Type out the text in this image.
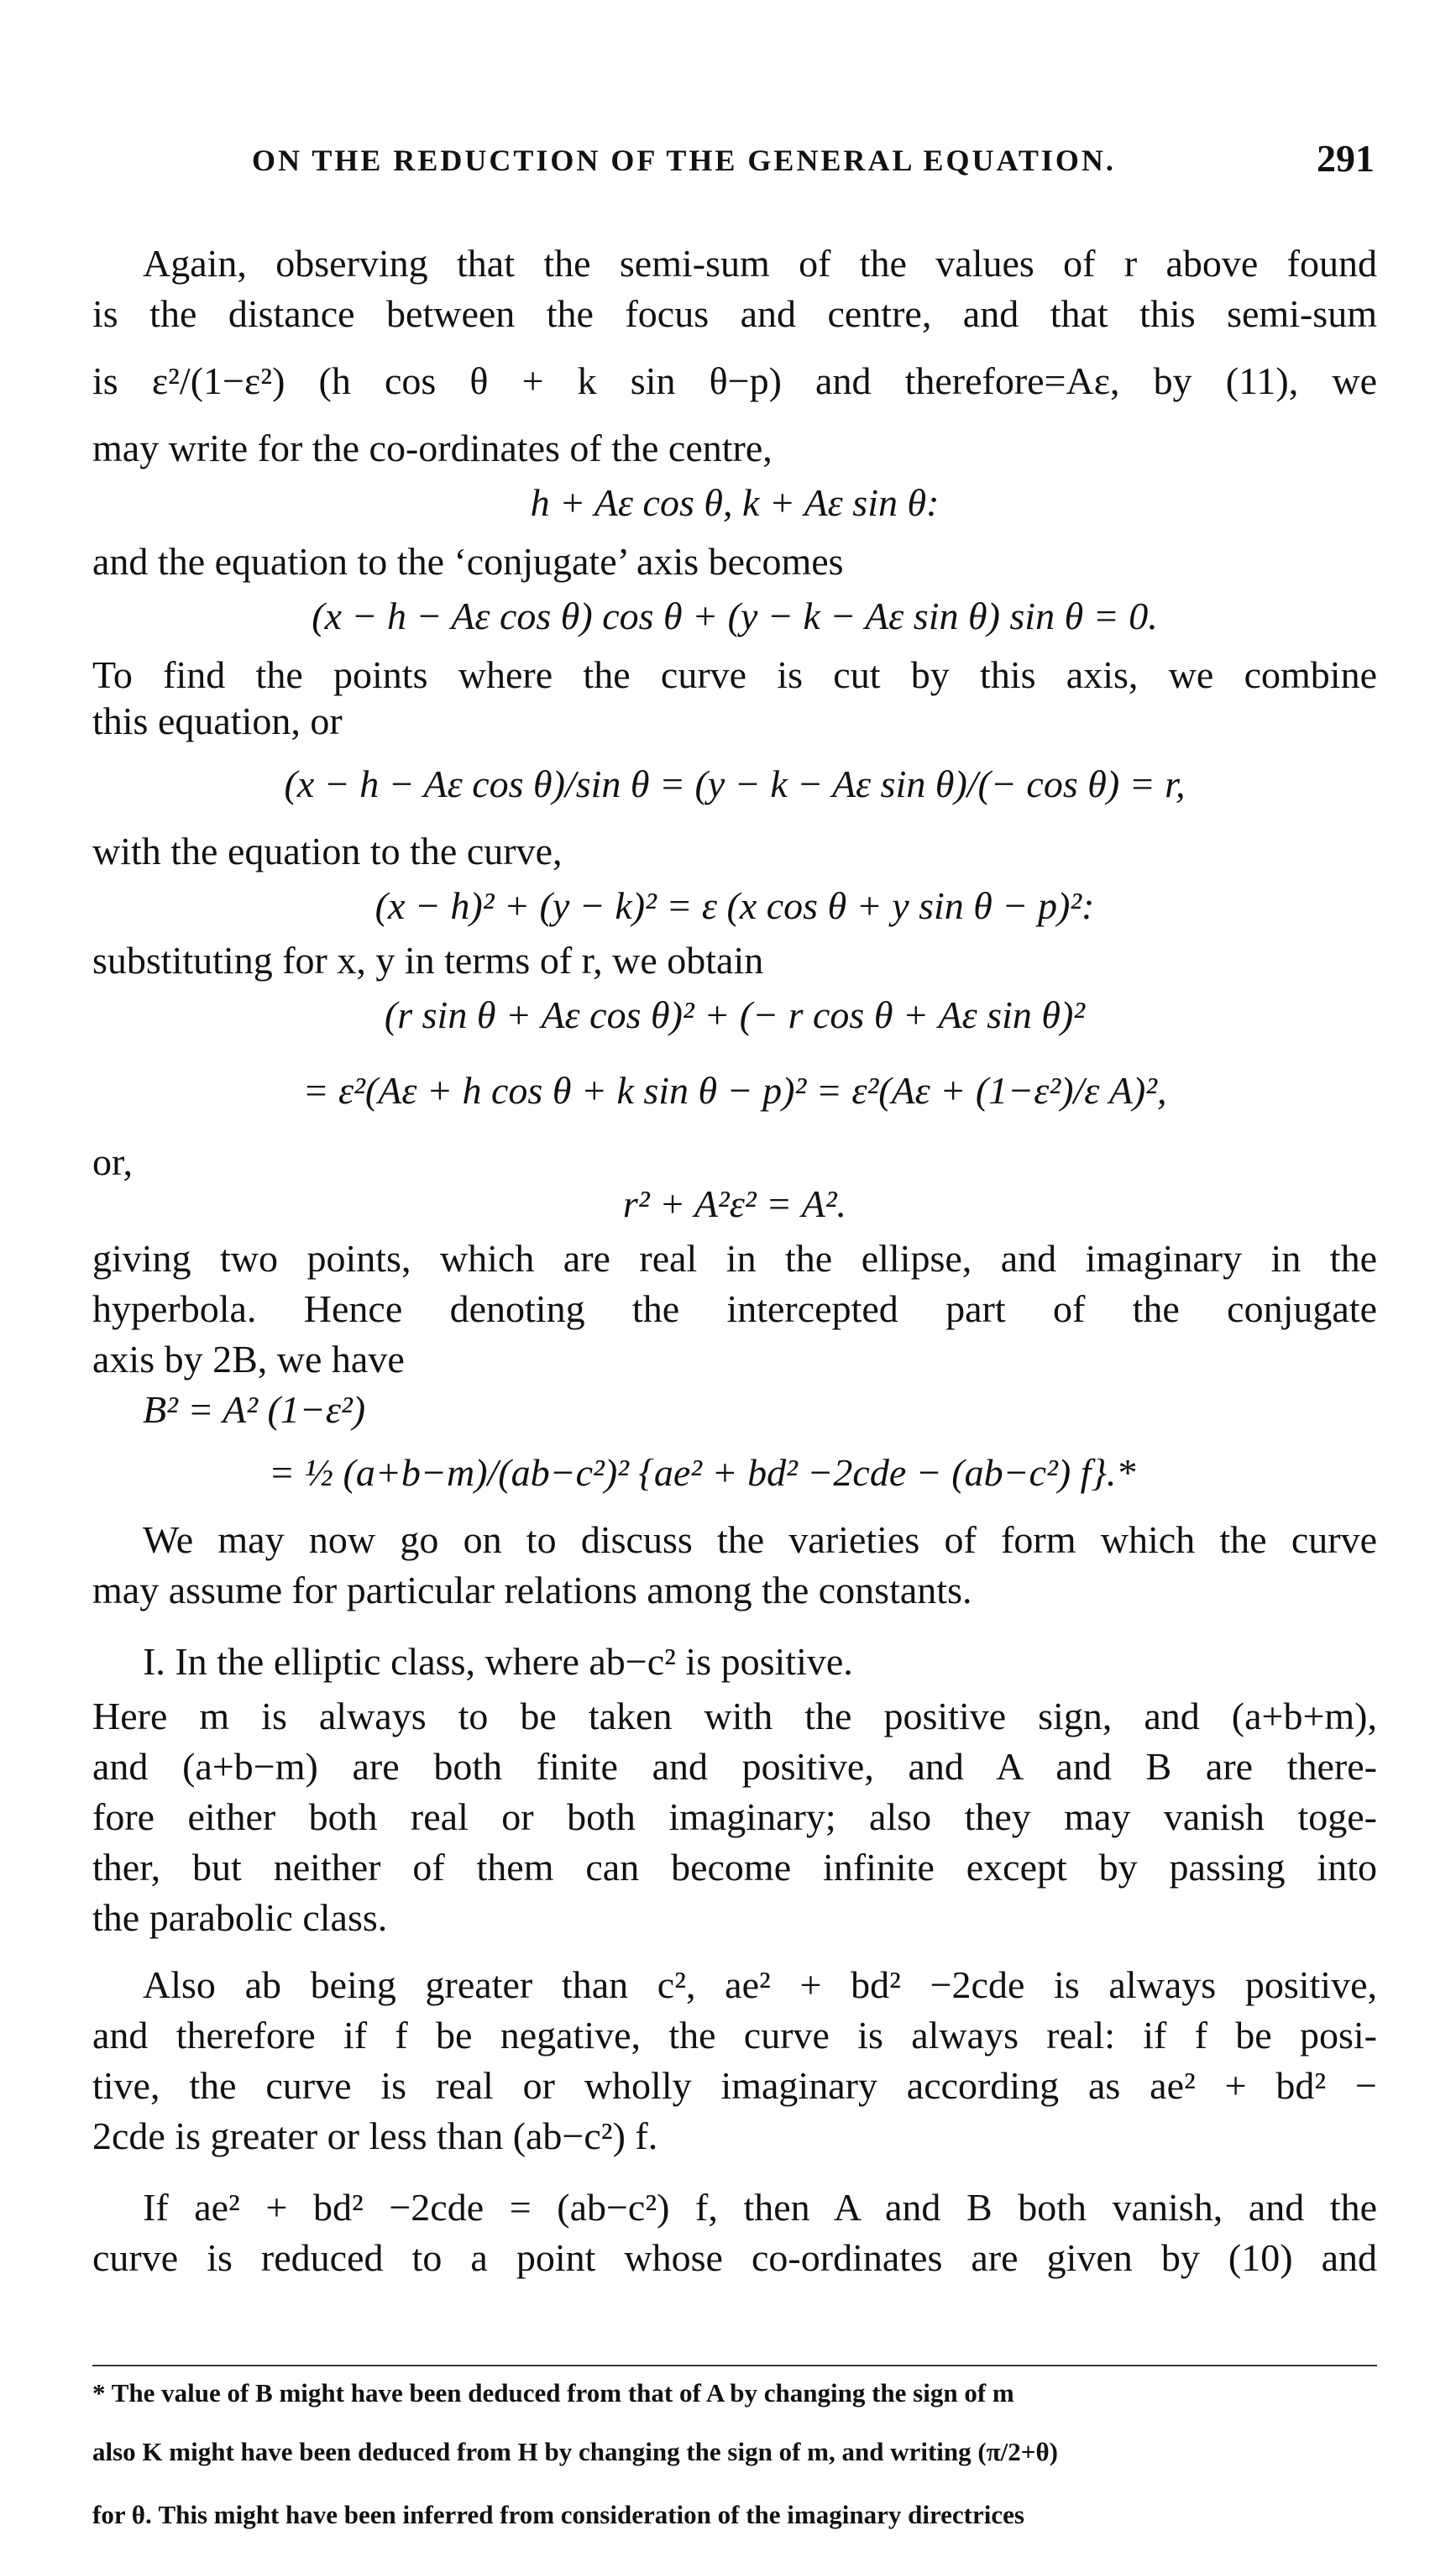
ON THE REDUCTION OF THE GENERAL EQUATION.	291
Again, observing that the semi-sum of the values of r above found
is the distance between the focus and centre, and that this semi-sum
is ε²/(1−ε²) (h cos θ + k sin θ−p) and therefore=Aε, by (11), we
may write for the co-ordinates of the centre,
h + Aε cos θ, k + Aε sin θ:
and the equation to the ‘conjugate’ axis becomes
(x − h − Aε cos θ) cos θ + (y − k − Aε sin θ) sin θ = 0.
To find the points where the curve is cut by this axis, we combine
this equation, or
(x − h − Aε cos θ)/sin θ = (y − k − Aε sin θ)/(− cos θ) = r,
with the equation to the curve,
(x − h)² + (y − k)² = ε (x cos θ + y sin θ − p)²:
substituting for x, y in terms of r, we obtain
(r sin θ + Aε cos θ)² + (− r cos θ + Aε sin θ)²
= ε²(Aε + h cos θ + k sin θ − p)² = ε²(Aε + (1−ε²)/ε A)²,
or,
r² + A²ε² = A².
giving two points, which are real in the ellipse, and imaginary in the
hyperbola. Hence denoting the intercepted part of the conjugate
axis by 2B, we have
B² = A² (1−ε²)
= ½ (a+b−m)/(ab−c²)² {ae² + bd² −2cde − (ab−c²) f}.*
We may now go on to discuss the varieties of form which the curve
may assume for particular relations among the constants.
I. In the elliptic class, where ab−c² is positive.
Here m is always to be taken with the positive sign, and (a+b+m),
and (a+b−m) are both finite and positive, and A and B are there-
fore either both real or both imaginary; also they may vanish toge-
ther, but neither of them can become infinite except by passing into
the parabolic class.
Also ab being greater than c², ae² + bd² −2cde is always positive,
and therefore if f be negative, the curve is always real: if f be posi-
tive, the curve is real or wholly imaginary according as ae² + bd² −
2cde is greater or less than (ab−c²) f.
If ae² + bd² −2cde = (ab−c²) f, then A and B both vanish, and the
curve is reduced to a point whose co-ordinates are given by (10) and
* The value of B might have been deduced from that of A by changing the sign of m
also K might have been deduced from H by changing the sign of m, and writing (π/2+θ)
for θ. This might have been inferred from consideration of the imaginary directrices
